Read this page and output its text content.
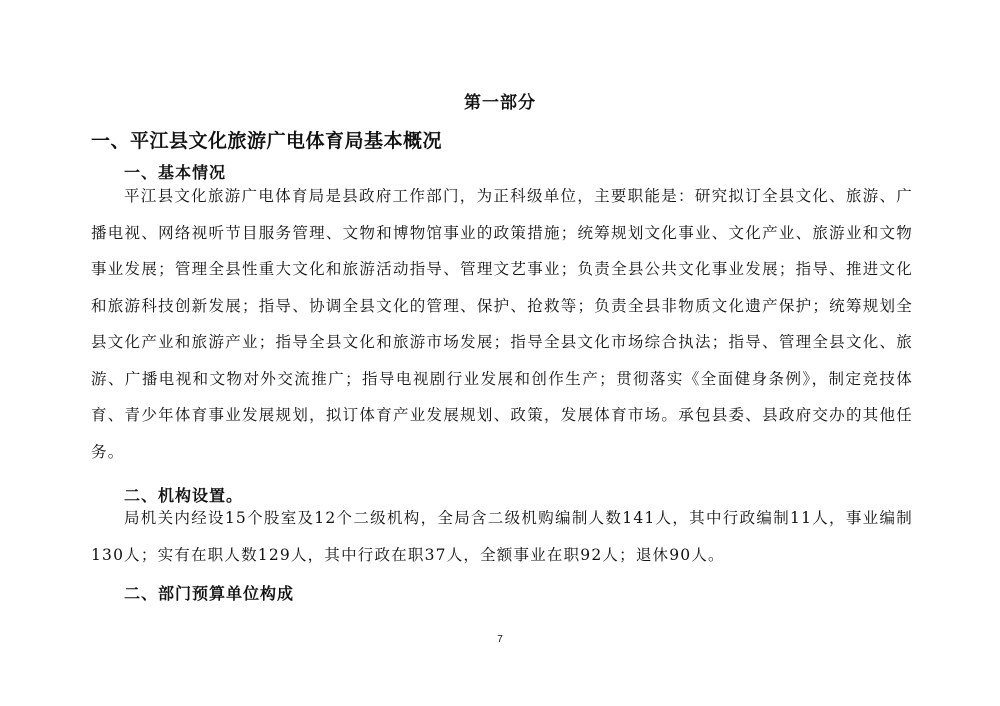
第一部分
一、平江县文化旅游广电体育局基本概况
一、基本情况

平江县文化旅游广电体育局是县政府工作部门，为正科级单位，主要职能是：研究拟订全县文化、旅游、广播电视、网络视听节目服务管理、文物和博物馆事业的政策措施；统筹规划文化事业、文化产业、旅游业和文物事业发展；管理全县性重大文化和旅游活动指导、管理文艺事业；负责全县公共文化事业发展；指导、推进文化和旅游科技创新发展；指导、协调全县文化的管理、保护、抢救等；负责全县非物质文化遗产保护；统筹规划全县文化产业和旅游产业；指导全县文化和旅游市场发展；指导全县文化市场综合执法；指导、管理全县文化、旅游、广播电视和文物对外交流推广；指导电视剧行业发展和创作生产；贯彻落实《全面健身条例》，制定竞技体育、青少年体育事业发展规划，拟订体育产业发展规划、政策，发展体育市场。承包县委、县政府交办的其他任务。

二、机构设置。

局机关内经设15个股室及12个二级机构，全局含二级机购编制人数141人，其中行政编制11人，事业编制130人；实有在职人数129人，其中行政在职37人，全额事业在职92人；退休90人。

二、部门预算单位构成
7
